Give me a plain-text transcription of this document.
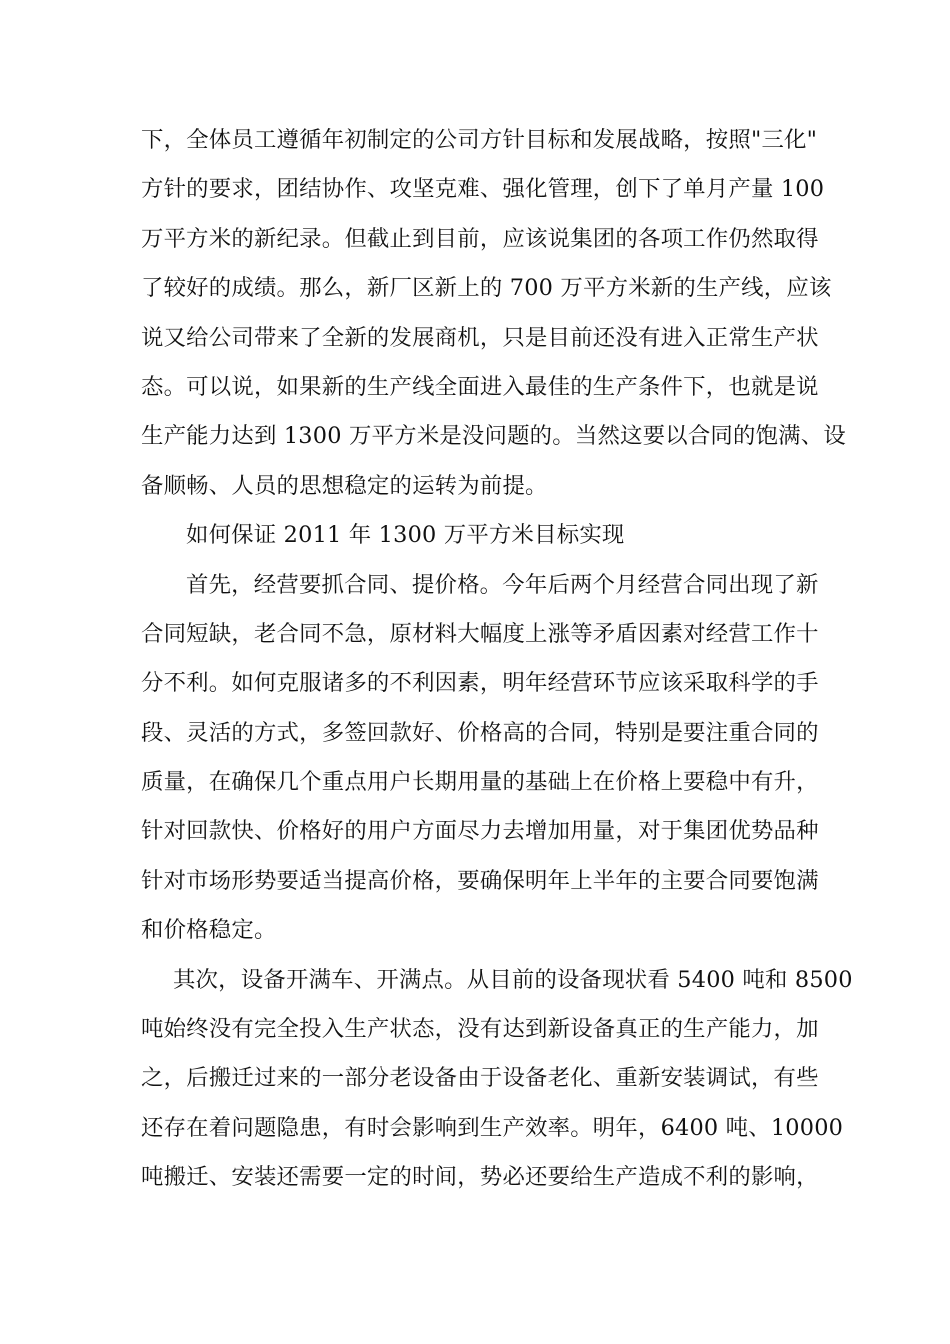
下，全体员工遵循年初制定的公司方针目标和发展战略，按照"三化"
方针的要求，团结协作、攻坚克难、强化管理，创下了单月产量 100
万平方米的新纪录。但截止到目前，应该说集团的各项工作仍然取得
了较好的成绩。那么，新厂区新上的 700 万平方米新的生产线，应该
说又给公司带来了全新的发展商机，只是目前还没有进入正常生产状
态。可以说，如果新的生产线全面进入最佳的生产条件下，也就是说
生产能力达到 1300 万平方米是没问题的。当然这要以合同的饱满、设
备顺畅、人员的思想稳定的运转为前提。
如何保证 2011 年 1300 万平方米目标实现
首先，经营要抓合同、提价格。今年后两个月经营合同出现了新
合同短缺，老合同不急，原材料大幅度上涨等矛盾因素对经营工作十
分不利。如何克服诸多的不利因素，明年经营环节应该采取科学的手
段、灵活的方式，多签回款好、价格高的合同，特别是要注重合同的
质量，在确保几个重点用户长期用量的基础上在价格上要稳中有升，
针对回款快、价格好的用户方面尽力去增加用量，对于集团优势品种
针对市场形势要适当提高价格，要确保明年上半年的主要合同要饱满
和价格稳定。
其次，设备开满车、开满点。从目前的设备现状看 5400 吨和 8500
吨始终没有完全投入生产状态，没有达到新设备真正的生产能力，加
之，后搬迁过来的一部分老设备由于设备老化、重新安装调试，有些
还存在着问题隐患，有时会影响到生产效率。明年，6400 吨、10000
吨搬迁、安装还需要一定的时间，势必还要给生产造成不利的影响，
